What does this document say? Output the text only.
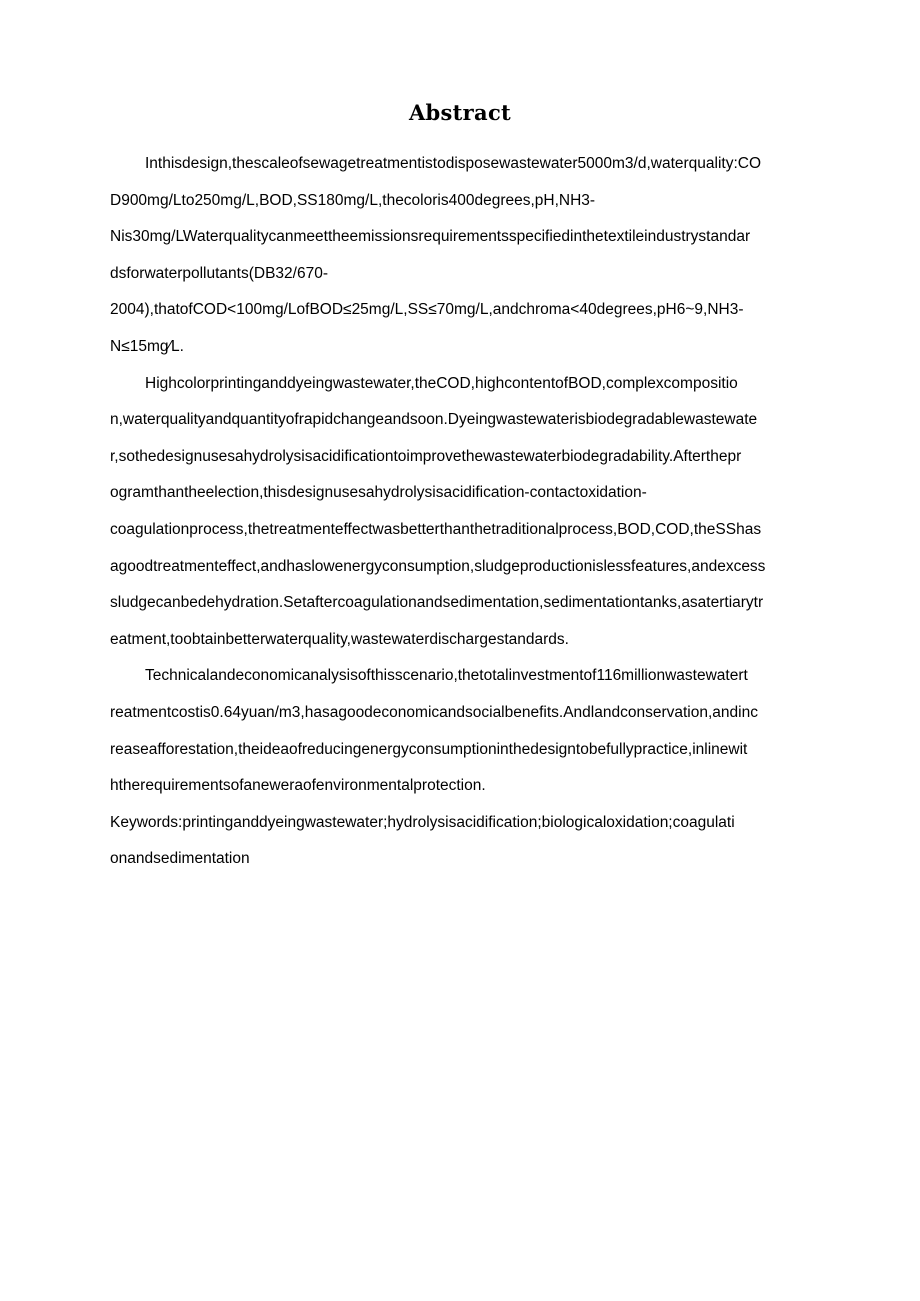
Abstract
Inthisdesign,thescaleofsewagetreatmentistodisposewastewater5000m3/d,waterquality:CO
D900mg/Lto250mg/L,BOD,SS180mg/L,thecoloris400degrees,pH,NH3-
Nis30mg/LWaterqualitycanmeettheemissionsrequirementsspecifiedinthetextileindustrystandar
dsforwaterpollutants(DB32/670-
2004),thatofCOD<100mg/LofBOD≤25mg/L,SS≤70mg/L,andchroma<40degrees,pH6~9,NH3-
N≤15mg⁄L.
Highcolorprintinganddyeingwastewater,theCOD,highcontentofBOD,complexcompositio
n,waterqualityandquantityofrapidchangeandsoon.Dyeingwastewaterisbiodegradablewastewate
r,sothedesignusesahydrolysisacidificationtoimprovethewastewaterbiodegradability.Afterthepr
ogramthantheelection,thisdesignusesahydrolysisacidification-contactoxidation-
coagulationprocess,thetreatmenteffectwasbetterthanthetraditionalprocess,BOD,COD,theSShas
agoodtreatmenteffect,andhaslowenergyconsumption,sludgeproductionislessfeatures,andexcess
sludgecanbedehydration.Setaftercoagulationandsedimentation,sedimentationtanks,asatertiarytr
eatment,toobtainbetterwaterquality,wastewaterdischargestandards.
Technicalandeconomicanalysisofthisscenario,thetotalinvestmentof116millionwastewatert
reatmentcostis0.64yuan/m3,hasagoodeconomicandsocialbenefits.Andlandconservation,andinc
reaseafforestation,theideaofreducingenergyconsumptioninthedesigntobefullypractice,inlinewit
htherequirementsofaneweraofenvironmentalprotection.
Keywords:printinganddyeingwastewater;hydrolysisacidification;biologicaloxidation;coagulati
onandsedimentation
